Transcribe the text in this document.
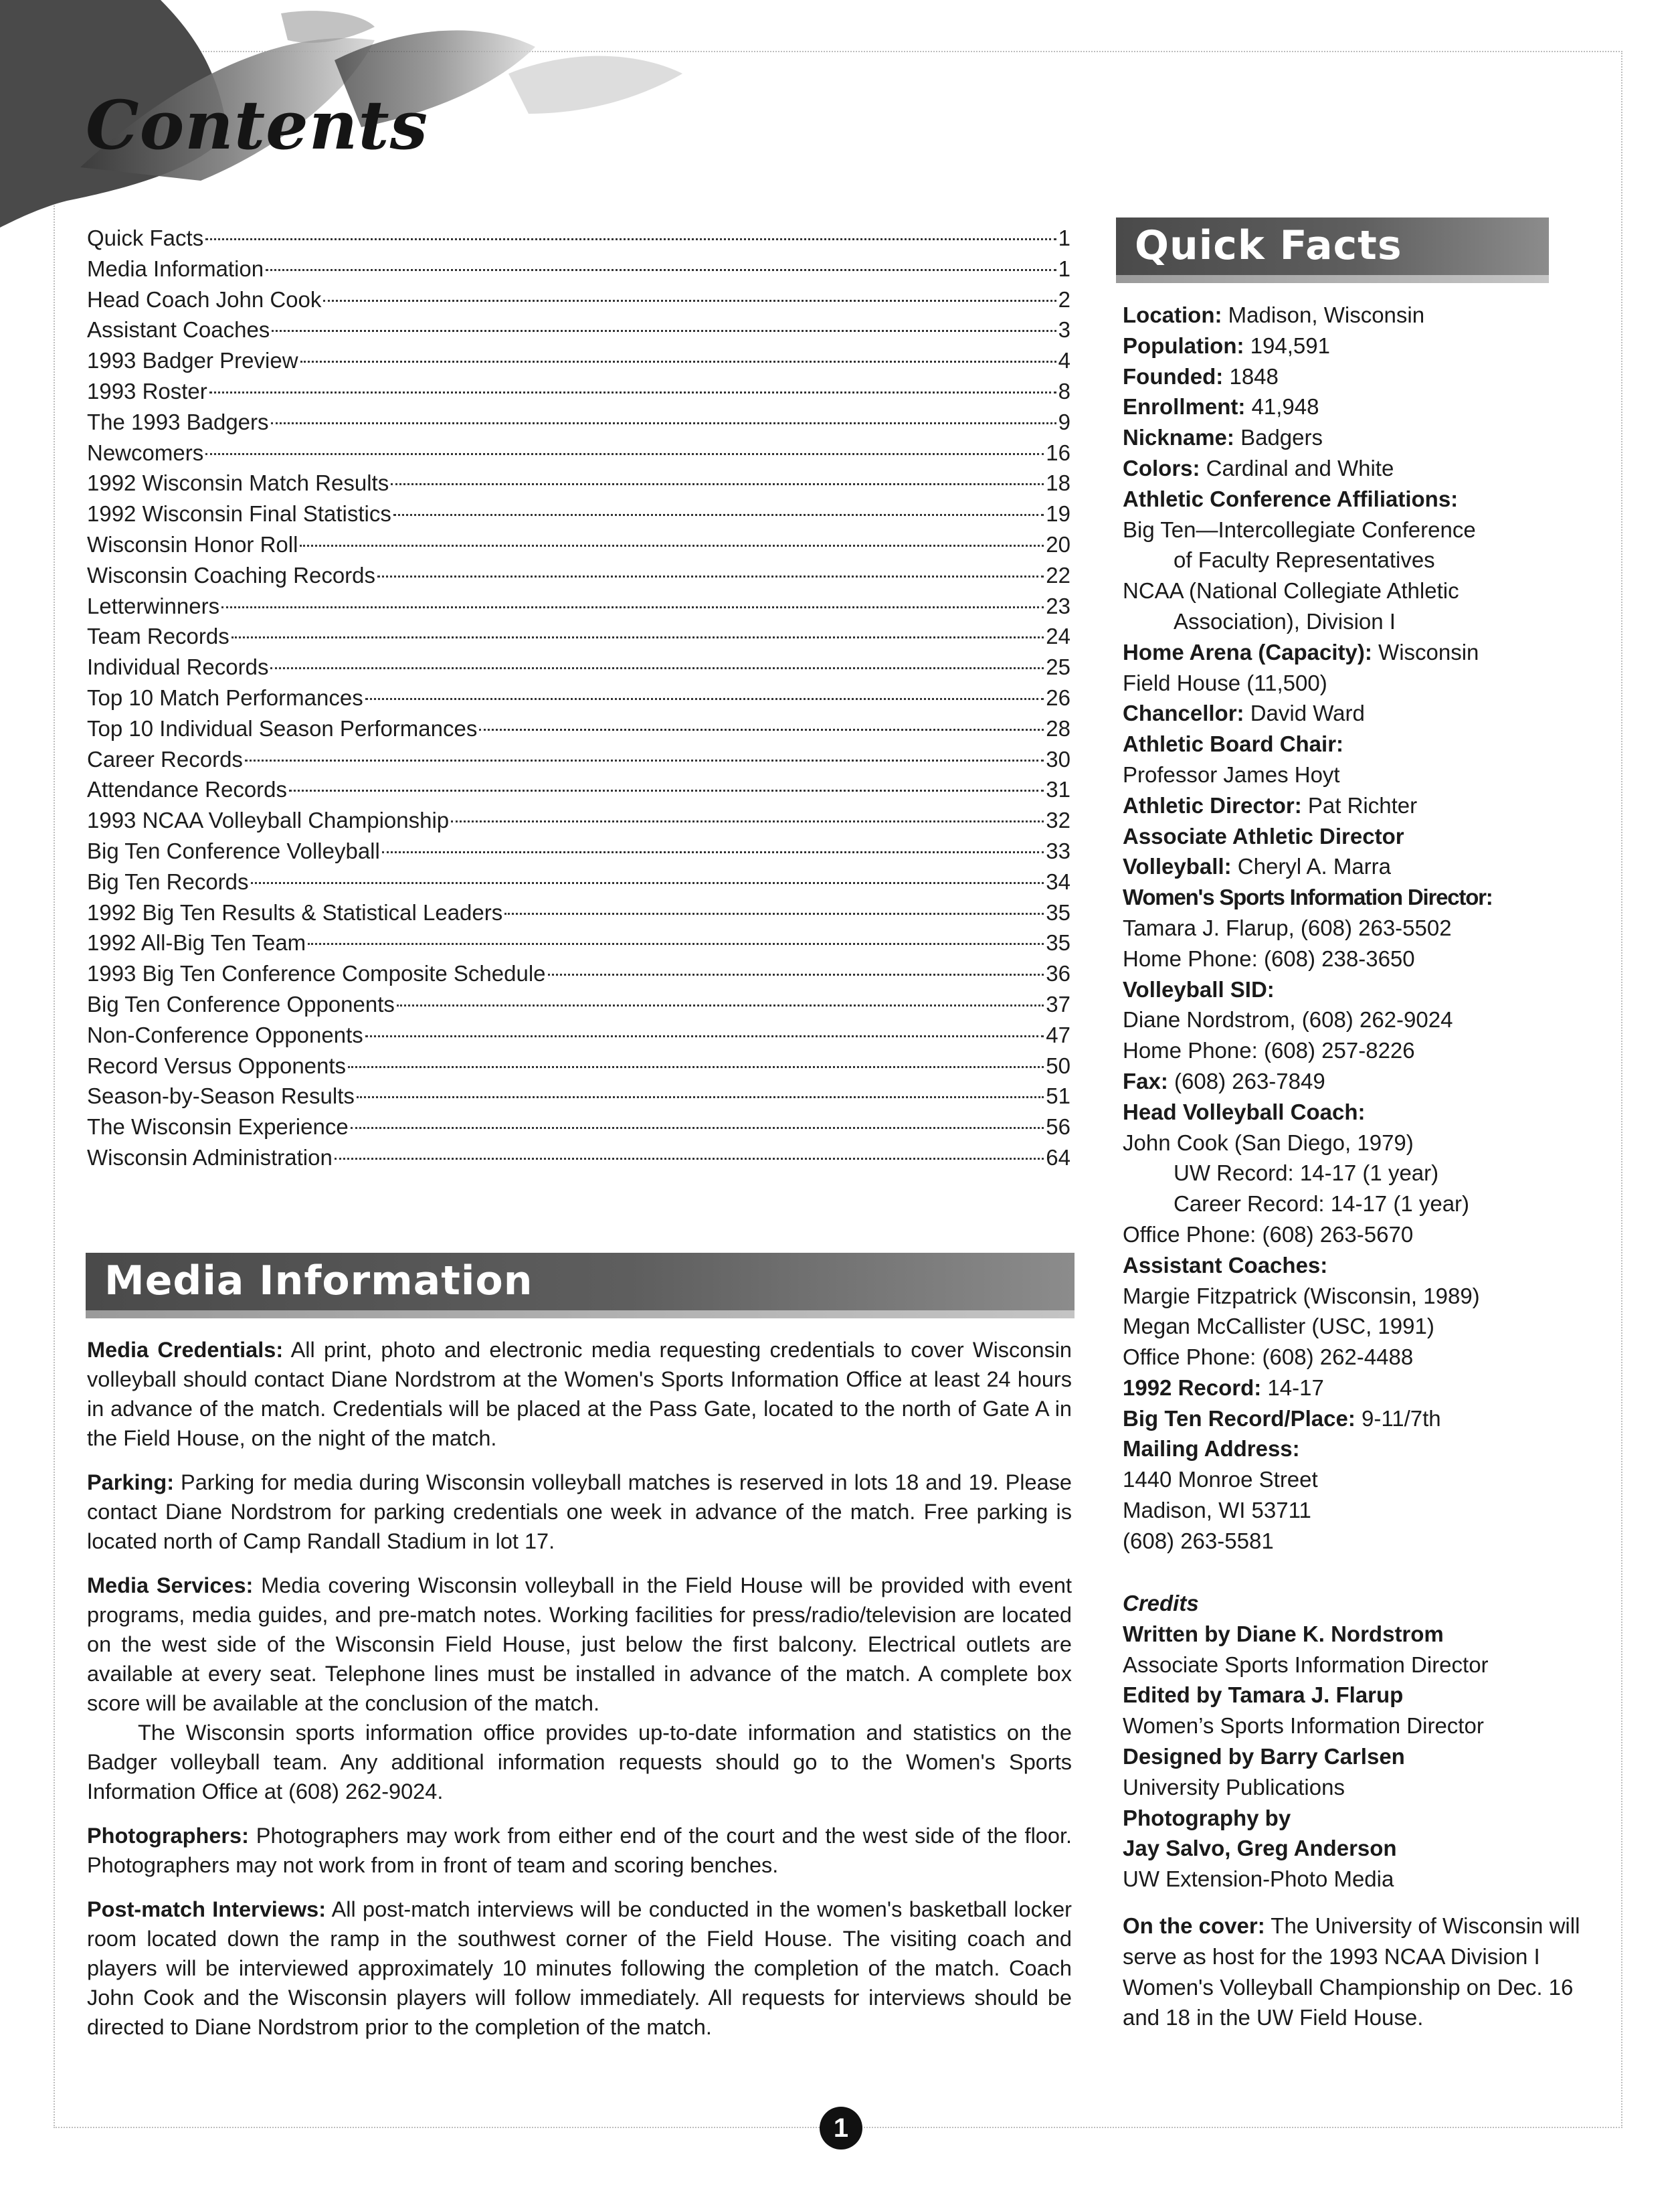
Contents
Quick Facts	1
Media Information	1
Head Coach John Cook	2
Assistant Coaches	3
1993 Badger Preview	4
1993 Roster	8
The 1993 Badgers	9
Newcomers	16
1992 Wisconsin Match Results	18
1992 Wisconsin Final Statistics	19
Wisconsin Honor Roll	20
Wisconsin Coaching Records	22
Letterwinners	23
Team Records	24
Individual Records	25
Top 10 Match Performances	26
Top 10 Individual Season Performances	28
Career Records	30
Attendance Records	31
1993 NCAA Volleyball Championship	32
Big Ten Conference Volleyball	33
Big Ten Records	34
1992 Big Ten Results & Statistical Leaders	35
1992 All-Big Ten Team	35
1993 Big Ten Conference Composite Schedule	36
Big Ten Conference Opponents	37
Non-Conference Opponents	47
Record Versus Opponents	50
Season-by-Season Results	51
The Wisconsin Experience	56
Wisconsin Administration	64
Quick Facts
Location: Madison, Wisconsin
Population: 194,591
Founded: 1848
Enrollment: 41,948
Nickname: Badgers
Colors: Cardinal and White
Athletic Conference Affiliations:
Big Ten—Intercollegiate Conference
of Faculty Representatives
NCAA (National Collegiate Athletic
Association), Division I
Home Arena (Capacity): Wisconsin
Field House (11,500)
Chancellor: David Ward
Athletic Board Chair:
Professor James Hoyt
Athletic Director: Pat Richter
Associate Athletic Director
Volleyball: Cheryl A. Marra
Women's Sports Information Director:
Tamara J. Flarup, (608) 263-5502
Home Phone: (608) 238-3650
Volleyball SID:
Diane Nordstrom, (608) 262-9024
Home Phone: (608) 257-8226
Fax: (608) 263-7849
Head Volleyball Coach:
John Cook (San Diego, 1979)
UW Record: 14-17 (1 year)
Career Record: 14-17 (1 year)
Office Phone: (608) 263-5670
Assistant Coaches:
Margie Fitzpatrick (Wisconsin, 1989)
Megan McCallister (USC, 1991)
Office Phone: (608) 262-4488
1992 Record: 14-17
Big Ten Record/Place: 9-11/7th
Mailing Address:
1440 Monroe Street
Madison, WI 53711
(608) 263-5581
Credits
Written by Diane K. Nordstrom
Associate Sports Information Director
Edited by Tamara J. Flarup
Women’s Sports Information Director
Designed by Barry Carlsen
University Publications
Photography by
Jay Salvo, Greg Anderson
UW Extension-Photo Media
On the cover: The University of Wisconsin will serve as host for the 1993 NCAA Division I Women's Volleyball Championship on Dec. 16 and 18 in the UW Field House.
Media Information

Media Credentials: All print, photo and electronic media requesting credentials to cover Wisconsin volleyball should contact Diane Nordstrom at the Women's Sports Information Office at least 24 hours in advance of the match. Credentials will be placed at the Pass Gate, located to the north of Gate A in the Field House, on the night of the match.

Parking: Parking for media during Wisconsin volleyball matches is reserved in lots 18 and 19. Please contact Diane Nordstrom for parking credentials one week in advance of the match. Free parking is located north of Camp Randall Stadium in lot 17.

Media Services: Media covering Wisconsin volleyball in the Field House will be provided with event programs, media guides, and pre-match notes. Working facilities for press/radio/television are located on the west side of the Wisconsin Field House, just below the first balcony. Electrical outlets are available at every seat. Telephone lines must be installed in advance of the match. A complete box score will be available at the conclusion of the match.

The Wisconsin sports information office provides up-to-date information and statistics on the Badger volleyball team. Any additional information requests should go to the Women's Sports Information Office at (608) 262-9024.

Photographers: Photographers may work from either end of the court and the west side of the floor. Photographers may not work from in front of team and scoring benches.

Post-match Interviews: All post-match interviews will be conducted in the women's basketball locker room located down the ramp in the southwest corner of the Field House. The visiting coach and players will be interviewed approximately 10 minutes following the completion of the match. Coach John Cook and the Wisconsin players will follow immediately. All requests for interviews should be directed to Diane Nordstrom prior to the completion of the match.

1
